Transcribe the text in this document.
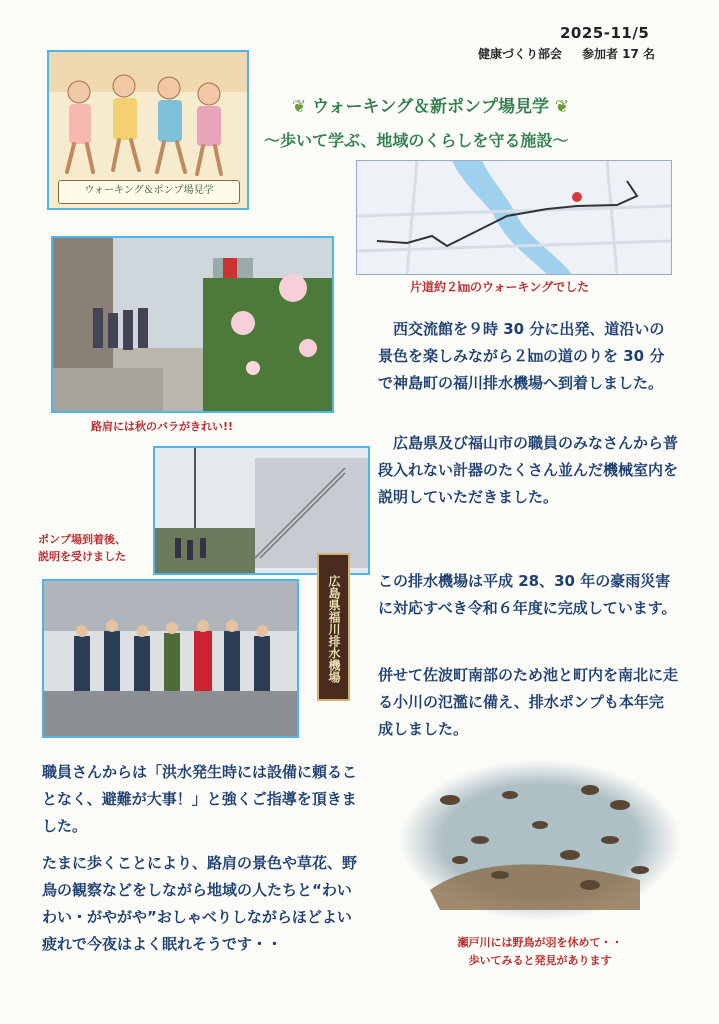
2025-11/5
健康づくり部会 参加者 17 名
ウォーキング＆ポンプ場見学
❦ ウォーキング＆新ポンプ場見学 ❦
～歩いて学ぶ、地域のくらしを守る施設～
片道約２㎞のウォーキングでした
路肩には秋のバラがきれい!!
ポンプ場到着後、
説明を受けました
広島県福川排水機場
西交流館を９時 30 分に出発、道沿いの景色を楽しみながら２㎞の道のりを 30 分で神島町の福川排水機場へ到着しました。
広島県及び福山市の職員のみなさんから普段入れない計器のたくさん並んだ機械室内を説明していただきました。
この排水機場は平成 28、30 年の豪雨災害に対応すべき令和６年度に完成しています。
併せて佐波町南部のため池と町内を南北に走る小川の氾濫に備え、排水ポンプも本年完成しました。
職員さんからは「洪水発生時には設備に頼ることなく、避難が大事！」と強くご指導を頂きました。
たまに歩くことにより、路肩の景色や草花、野鳥の観察などをしながら地域の人たちと“わいわい・がやがや”おしゃべりしながらほどよい疲れで今夜はよく眠れそうです・・	瀬戸川には野鳥が羽を休めて・・
歩いてみると発見があります
